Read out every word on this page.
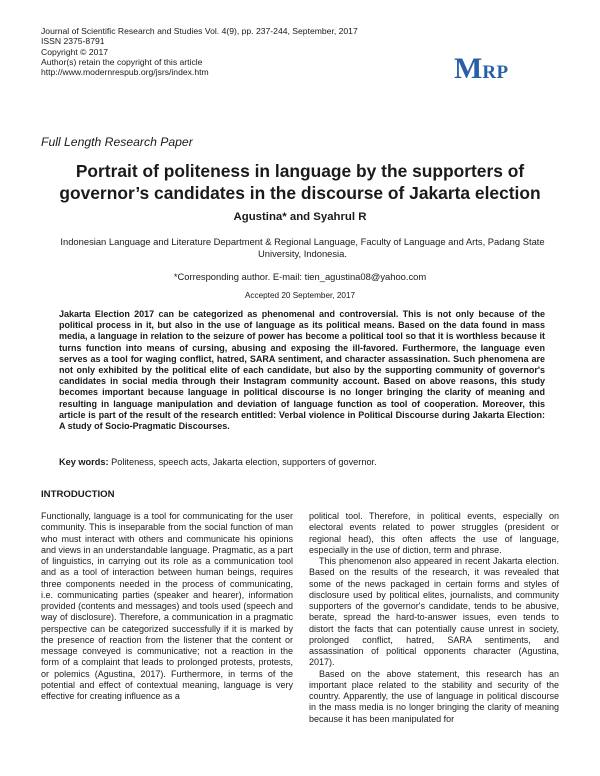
Journal of Scientific Research and Studies Vol. 4(9), pp. 237-244, September, 2017
ISSN 2375-8791
Copyright © 2017
Author(s) retain the copyright of this article
http://www.modernrespub.org/jsrs/index.htm	M RP
Full Length Research Paper
Portrait of politeness in language by the supporters of governor’s candidates in the discourse of Jakarta election
Agustina* and Syahrul R
Indonesian Language and Literature Department & Regional Language, Faculty of Language and Arts, Padang State University, Indonesia.
*Corresponding author. E-mail: tien_agustina08@yahoo.com
Accepted 20 September, 2017
Jakarta Election 2017 can be categorized as phenomenal and controversial. This is not only because of the political process in it, but also in the use of language as its political means. Based on the data found in mass media, a language in relation to the seizure of power has become a political tool so that it is worthless because it turns function into means of cursing, abusing and exposing the ill-favored. Furthermore, the language even serves as a tool for waging conflict, hatred, SARA sentiment, and character assassination. Such phenomena are not only exhibited by the political elite of each candidate, but also by the supporting community of governor's candidates in social media through their Instagram community account. Based on above reasons, this study becomes important because language in political discourse is no longer bringing the clarity of meaning and resulting in language manipulation and deviation of language function as tool of cooperation. Moreover, this article is part of the result of the research entitled: Verbal violence in Political Discourse during Jakarta Election: A study of Socio-Pragmatic Discourses.
Key words: Politeness, speech acts, Jakarta election, supporters of governor.
INTRODUCTION

Functionally, language is a tool for communicating for the user community. This is inseparable from the social function of man who must interact with others and communicate his opinions and views in an understandable language. Pragmatic, as a part of linguistics, in carrying out its role as a communication tool and as a tool of interaction between human beings, requires three components needed in the process of communicating, i.e. communicating parties (speaker and hearer), information provided (contents and messages) and tools used (speech and way of disclosure). Therefore, a communication in a pragmatic perspective can be categorized successfully if it is marked by the presence of reaction from the listener that the content or message conveyed is communicative; not a reaction in the form of a complaint that leads to prolonged protests, protests, or polemics (Agustina, 2017). Furthermore, in terms of the potential and effect of contextual meaning, language is very effective for creating influence as a

political tool. Therefore, in political events, especially on electoral events related to power struggles (president or regional head), this often affects the use of language, especially in the use of diction, term and phrase.

This phenomenon also appeared in recent Jakarta election. Based on the results of the research, it was revealed that some of the news packaged in certain forms and styles of disclosure used by political elites, journalists, and community supporters of the governor's candidate, tends to be abusive, berate, spread the hard-to-answer issues, even tends to distort the facts that can potentially cause unrest in society, prolonged conflict, hatred, SARA sentiments, and assassination of political opponents character (Agustina, 2017).

Based on the above statement, this research has an important place related to the stability and security of the country. Apparently, the use of language in political discourse in the mass media is no longer bringing the clarity of meaning because it has been manipulated for
